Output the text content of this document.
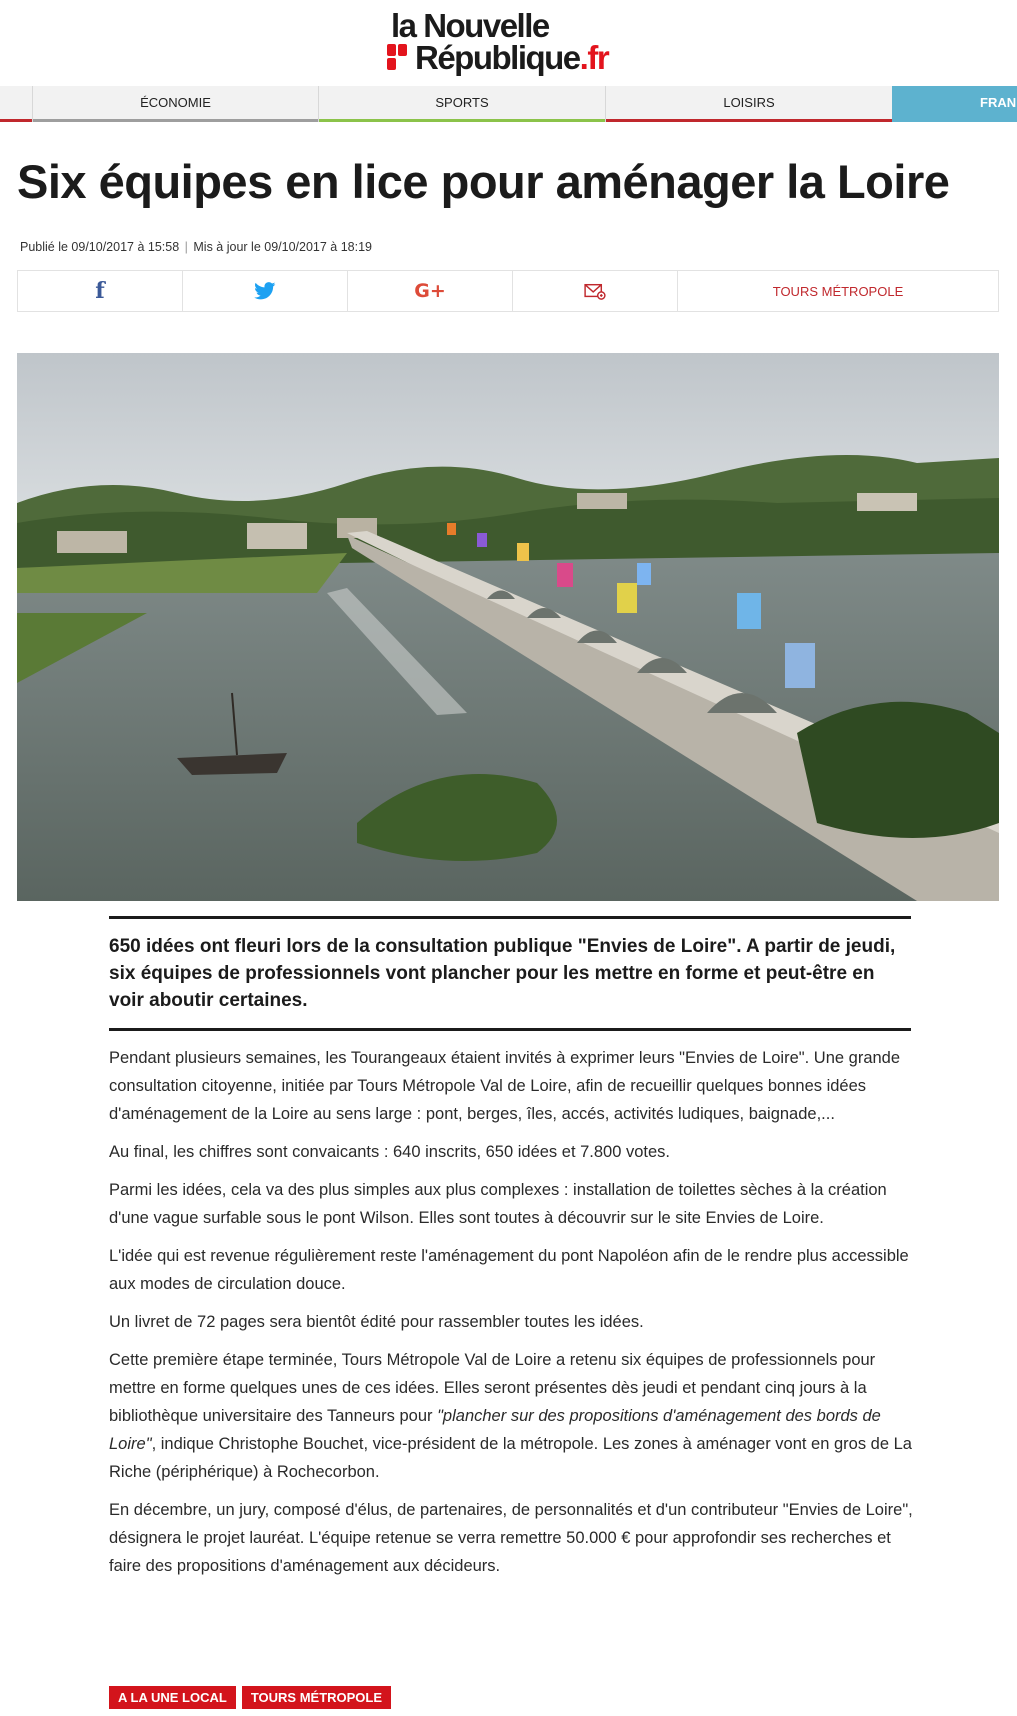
la Nouvelle
République.fr
ÉCONOMIE	SPORTS	LOISIRS	FRAN
Six équipes en lice pour aménager la Loire
Publié le 09/10/2017 à 15:58 | Mis à jour le 09/10/2017 à 18:19
f	G+	TOURS MÉTROPOLE
650 idées ont fleuri lors de la consultation publique "Envies de Loire". A partir de jeudi, six équipes de professionnels vont plancher pour les mettre en forme et peut-être en voir aboutir certaines.

Pendant plusieurs semaines, les Tourangeaux étaient invités à exprimer leurs "Envies de Loire". Une grande consultation citoyenne, initiée par Tours Métropole Val de Loire, afin de recueillir quelques bonnes idées d'aménagement de la Loire au sens large : pont, berges, îles, accés, activités ludiques, baignade,...

Au final, les chiffres sont convaicants : 640 inscrits, 650 idées et 7.800 votes.

Parmi les idées, cela va des plus simples aux plus complexes : installation de toilettes sèches à la création d'une vague surfable sous le pont Wilson. Elles sont toutes à découvrir sur le site Envies de Loire.

L'idée qui est revenue régulièrement reste l'aménagement du pont Napoléon afin de le rendre plus accessible aux modes de circulation douce.

Un livret de 72 pages sera bientôt édité pour rassembler toutes les idées.

Cette première étape terminée, Tours Métropole Val de Loire a retenu six équipes de professionnels pour mettre en forme quelques unes de ces idées. Elles seront présentes dès jeudi et pendant cinq jours à la bibliothèque universitaire des Tanneurs pour "plancher sur des propositions d'aménagement des bords de Loire", indique Christophe Bouchet, vice-président de la métropole. Les zones à aménager vont en gros de La Riche (périphérique) à Rochecorbon.

En décembre, un jury, composé d'élus, de partenaires, de personnalités et d'un contributeur "Envies de Loire", désignera le projet lauréat. L'équipe retenue se verra remettre 50.000 € pour approfondir ses recherches et faire des propositions d'aménagement aux décideurs.

A LA UNE LOCAL	TOURS MÉTROPOLE
